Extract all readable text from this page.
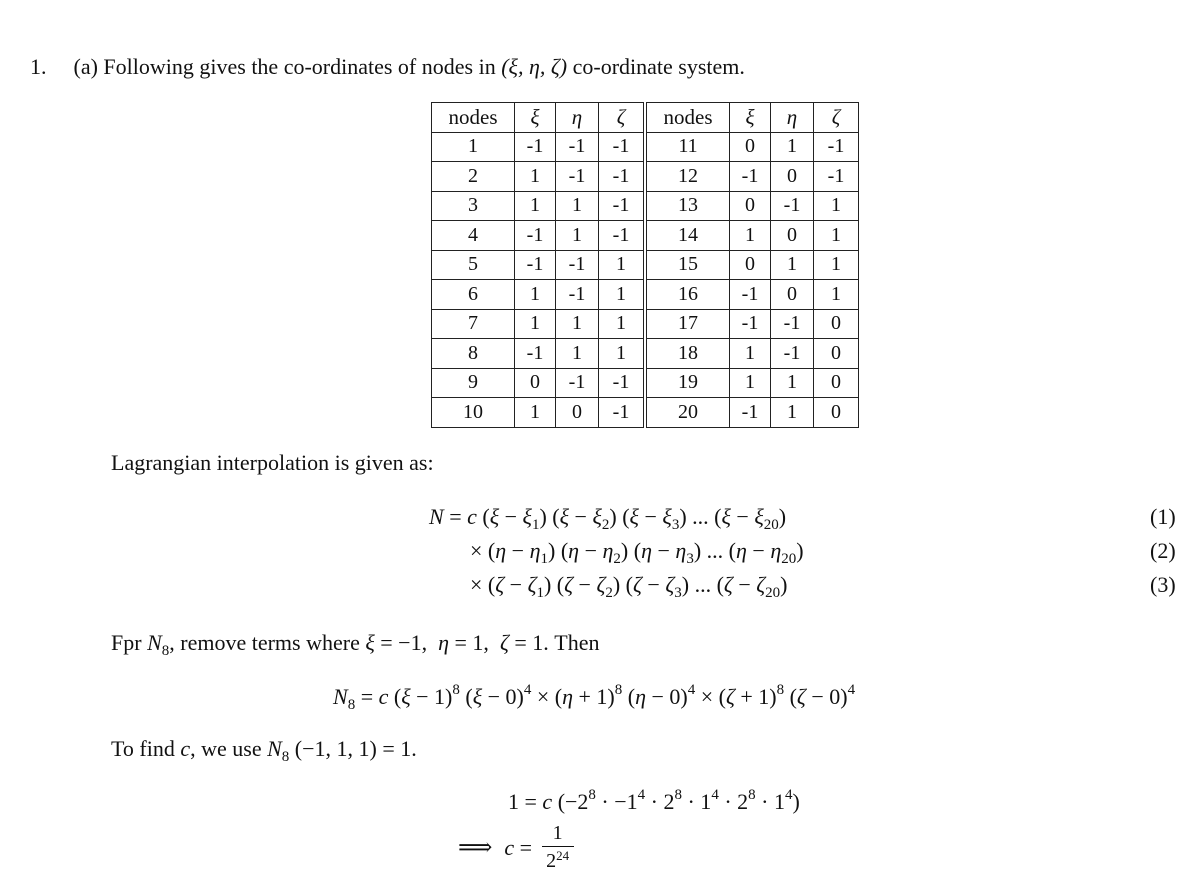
1. (a) Following gives the co-ordinates of nodes in (ξ, η, ζ) co-ordinate system.
nodes	ξ	η	ζ	nodes	ξ	η	ζ
1	-1	-1	-1	11	0	1	-1
2	1	-1	-1	12	-1	0	-1
3	1	1	-1	13	0	-1	1
4	-1	1	-1	14	1	0	1
5	-1	-1	1	15	0	1	1
6	1	-1	1	16	-1	0	1
7	1	1	1	17	-1	-1	0
8	-1	1	1	18	1	-1	0
9	0	-1	-1	19	1	1	0
10	1	0	-1	20	-1	1	0
Lagrangian interpolation is given as:
N = c $(\xi - \xi_1)$ $(\xi - \xi_2)$ $(\xi - \xi_3)$ ... $(\xi - \xi_{20})$
× $(\eta - \eta_1)$ $(\eta - \eta_2)$ $(\eta - \eta_3)$ ... $(\eta - \eta_{20})$
× $(\zeta - \zeta_1)$ $(\zeta - \zeta_2)$ $(\zeta - \zeta_3)$ ... $(\zeta - \zeta_{20})$
(1)
(2)
(3)
Fpr $N_8$, remove terms where ξ = −1,  η = 1,  ζ = 1. Then
$N_8 = c$ $(\xi - 1)^8$ $(\xi - 0)^4 \times (\eta + 1)^8$ $(\eta - 0)^4 \times (\zeta + 1)^8$ $(\zeta - 0)^4$
To find c, we use $N_8$ (−1, 1, 1) = 1.
1 = c $(-2^8 \cdot -1^4 \cdot 2^8 \cdot 1^4 \cdot 2^8 \cdot 1^4)$
⟹ c =
1
$2^{24}$
